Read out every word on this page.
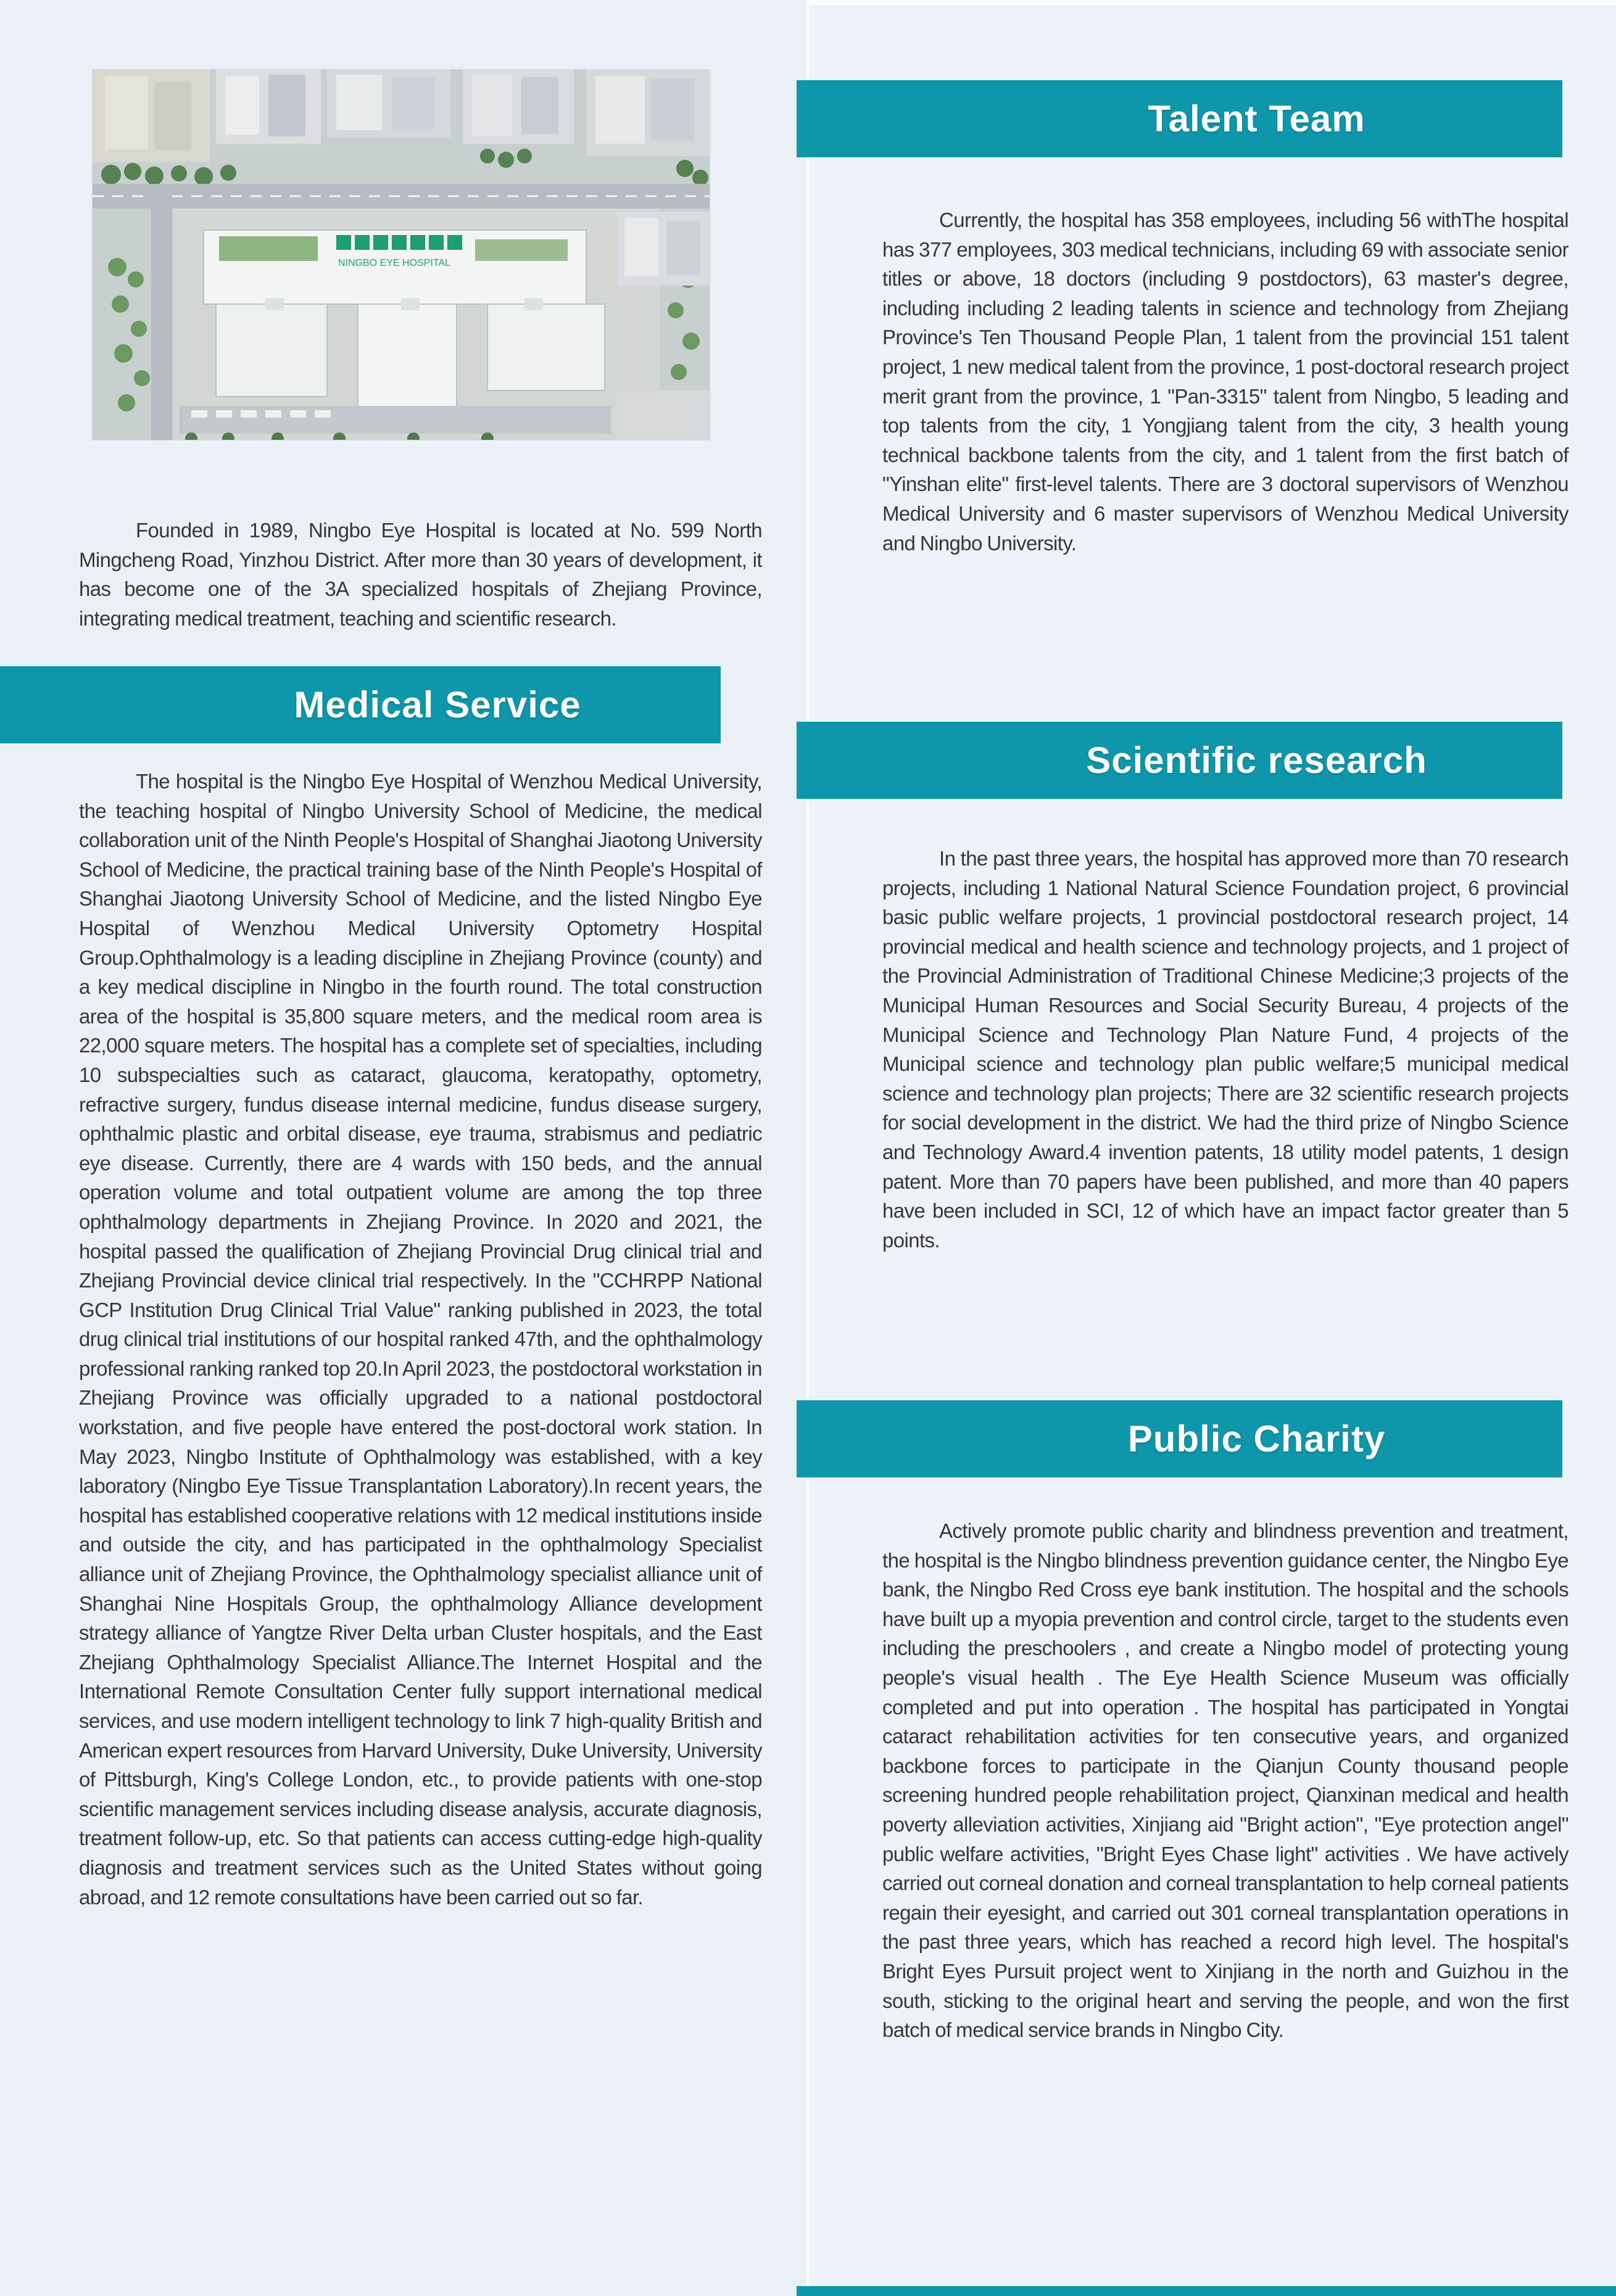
NINGBO EYE HOSPITAL

Founded in 1989, Ningbo Eye Hospital is located at No. 599 North Mingcheng Road, Yinzhou District. After more than 30 years of development, it has become one of the 3A specialized hospitals of Zhejiang Province, integrating medical treatment, teaching and scientific research.

Medical Service

The hospital is the Ningbo Eye Hospital of Wenzhou Medical University, the teaching hospital of Ningbo University School of Medicine, the medical collaboration unit of the Ninth People's Hospital of Shanghai Jiaotong University School of Medicine, the practical training base of the Ninth People's Hospital of Shanghai Jiaotong University School of Medicine, and the listed Ningbo Eye Hospital of Wenzhou Medical University Optometry Hospital Group.Ophthalmology is a leading discipline in Zhejiang Province (county) and a key medical discipline in Ningbo in the fourth round. The total construction area of the hospital is 35,800 square meters, and the medical room area is 22,000 square meters. The hospital has a complete set of specialties, including 10 subspecialties such as cataract, glaucoma, keratopathy, optometry, refractive surgery, fundus disease internal medicine, fundus disease surgery, ophthalmic plastic and orbital disease, eye trauma, strabismus and pediatric eye disease. Currently, there are 4 wards with 150 beds, and the annual operation volume and total outpatient volume are among the top three ophthalmology departments in Zhejiang Province. In 2020 and 2021, the hospital passed the qualification of Zhejiang Provincial Drug clinical trial and Zhejiang Provincial device clinical trial respectively. In the "CCHRPP National GCP Institution Drug Clinical Trial Value" ranking published in 2023, the total drug clinical trial institutions of our hospital ranked 47th, and the ophthalmology professional ranking ranked top 20.In April 2023, the postdoctoral workstation in Zhejiang Province was officially upgraded to a national postdoctoral workstation, and five people have entered the post-doctoral work station. In May 2023, Ningbo Institute of Ophthalmology was established, with a key laboratory (Ningbo Eye Tissue Transplantation Laboratory).In recent years, the hospital has established cooperative relations with 12 medical institutions inside and outside the city, and has participated in the ophthalmology Specialist alliance unit of Zhejiang Province, the Ophthalmology specialist alliance unit of Shanghai Nine Hospitals Group, the ophthalmology Alliance development strategy alliance of Yangtze River Delta urban Cluster hospitals, and the East Zhejiang Ophthalmology Specialist Alliance.The Internet Hospital and the International Remote Consultation Center fully support international medical services, and use modern intelligent technology to link 7 high-quality British and American expert resources from Harvard University, Duke University, University of Pittsburgh, King's College London, etc., to provide patients with one-stop scientific management services including disease analysis, accurate diagnosis, treatment follow-up, etc. So that patients can access cutting-edge high-quality diagnosis and treatment services such as the United States without going abroad, and 12 remote consultations have been carried out so far.

Talent Team

Currently, the hospital has 358 employees, including 56 withThe hospital has 377 employees, 303 medical technicians, including 69 with associate senior titles or above, 18 doctors (including 9 postdoctors), 63 master's degree, including including 2 leading talents in science and technology from Zhejiang Province's Ten Thousand People Plan, 1 talent from the provincial 151 talent project, 1 new medical talent from the province, 1 post-doctoral research project merit grant from the province, 1 "Pan-3315" talent from Ningbo, 5 leading and top talents from the city, 1 Yongjiang talent from the city, 3 health young technical backbone talents from the city, and 1 talent from the first batch of "Yinshan elite" first-level talents. There are 3 doctoral supervisors of Wenzhou Medical University and 6 master supervisors of Wenzhou Medical University and Ningbo University.

Scientific research

In the past three years, the hospital has approved more than 70 research projects, including 1 National Natural Science Foundation project, 6 provincial basic public welfare projects, 1 provincial postdoctoral research project, 14 provincial medical and health science and technology projects, and 1 project of the Provincial Administration of Traditional Chinese Medicine;3 projects of the Municipal Human Resources and Social Security Bureau, 4 projects of the Municipal Science and Technology Plan Nature Fund, 4 projects of the Municipal science and technology plan public welfare;5 municipal medical science and technology plan projects; There are 32 scientific research projects for social development in the district. We had the third prize of Ningbo Science and Technology Award.4 invention patents, 18 utility model patents, 1 design patent. More than 70 papers have been published, and more than 40 papers have been included in SCI, 12 of which have an impact factor greater than 5 points.

Public Charity

Actively promote public charity and blindness prevention and treatment, the hospital is the Ningbo blindness prevention guidance center, the Ningbo Eye bank, the Ningbo Red Cross eye bank institution. The hospital and the schools have built up a myopia prevention and control circle, target to the students even including the preschoolers , and create a Ningbo model of protecting young people's visual health . The Eye Health Science Museum was officially completed and put into operation . The hospital has participated in Yongtai cataract rehabilitation activities for ten consecutive years, and organized backbone forces to participate in the Qianjun County thousand people screening hundred people rehabilitation project, Qianxinan medical and health poverty alleviation activities, Xinjiang aid "Bright action", "Eye protection angel" public welfare activities, "Bright Eyes Chase light" activities . We have actively carried out corneal donation and corneal transplantation to help corneal patients regain their eyesight, and carried out 301 corneal transplantation operations in the past three years, which has reached a record high level. The hospital's Bright Eyes Pursuit project went to Xinjiang in the north and Guizhou in the south, sticking to the original heart and serving the people, and won the first batch of medical service brands in Ningbo City.
